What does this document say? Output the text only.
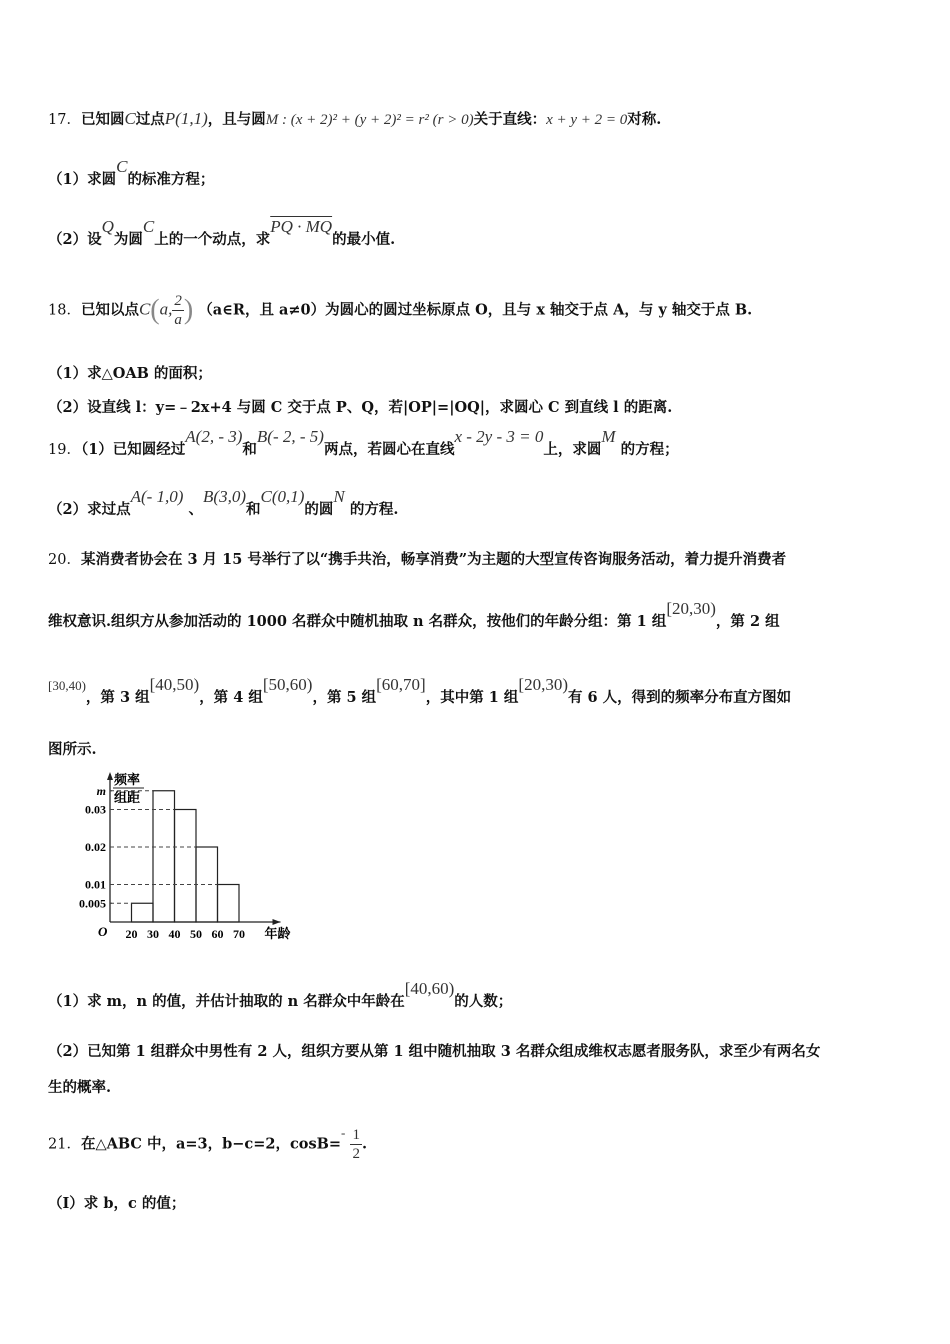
17．已知圆C过点P(1,1)，且与圆M : (x + 2)² + (y + 2)² = r² (r > 0)关于直线：x + y + 2 = 0对称.
（1）求圆C的标准方程；
（2）设Q为圆C上的一个动点，求PQ · MQ的最小值.
18．已知以点C(a, $\frac{2}{a}$ ) （a∈R，且 a≠0）为圆心的圆过坐标原点 O，且与 x 轴交于点 A，与 y 轴交于点 B.
（1）求△OAB 的面积；
（2）设直线 l：y=﹣2x+4 与圆 C 交于点 P、Q，若|OP|=|OQ|，求圆心 C 到直线 l 的距离.
19．（1）已知圆经过A(2, - 3)和B(- 2, - 5)两点，若圆心在直线x - 2y - 3 = 0上，求圆M 的方程；
（2）求过点A(- 1,0) 、B(3,0)和C(0,1)的圆N 的方程.
20．某消费者协会在 3 月 15 号举行了以“携手共治，畅享消费”为主题的大型宣传咨询服务活动，着力提升消费者
维权意识.组织方从参加活动的 1000 名群众中随机抽取 n 名群众，按他们的年龄分组：第 1 组[20,30)，第 2 组
[30,40)，第 3 组[40,50)，第 4 组[50,60)，第 5 组[60,70]，其中第 1 组[20,30)有 6 人，得到的频率分布直方图如
图所示.
频率
组距
O
0.005
0.01
0.02
0.03
m
20 30 40 50 60 70 年龄
（1）求 m，n 的值，并估计抽取的 n 名群众中年龄在[40,60)的人数；
（2）已知第 1 组群众中男性有 2 人，组织方要从第 1 组中随机抽取 3 名群众组成维权志愿者服务队，求至少有两名女
生的概率.
21．在△ABC 中，a=3，b−c=2，$\cos B=- \frac{1}{2}$ .
（Ⅰ）求 b，c 的值；
